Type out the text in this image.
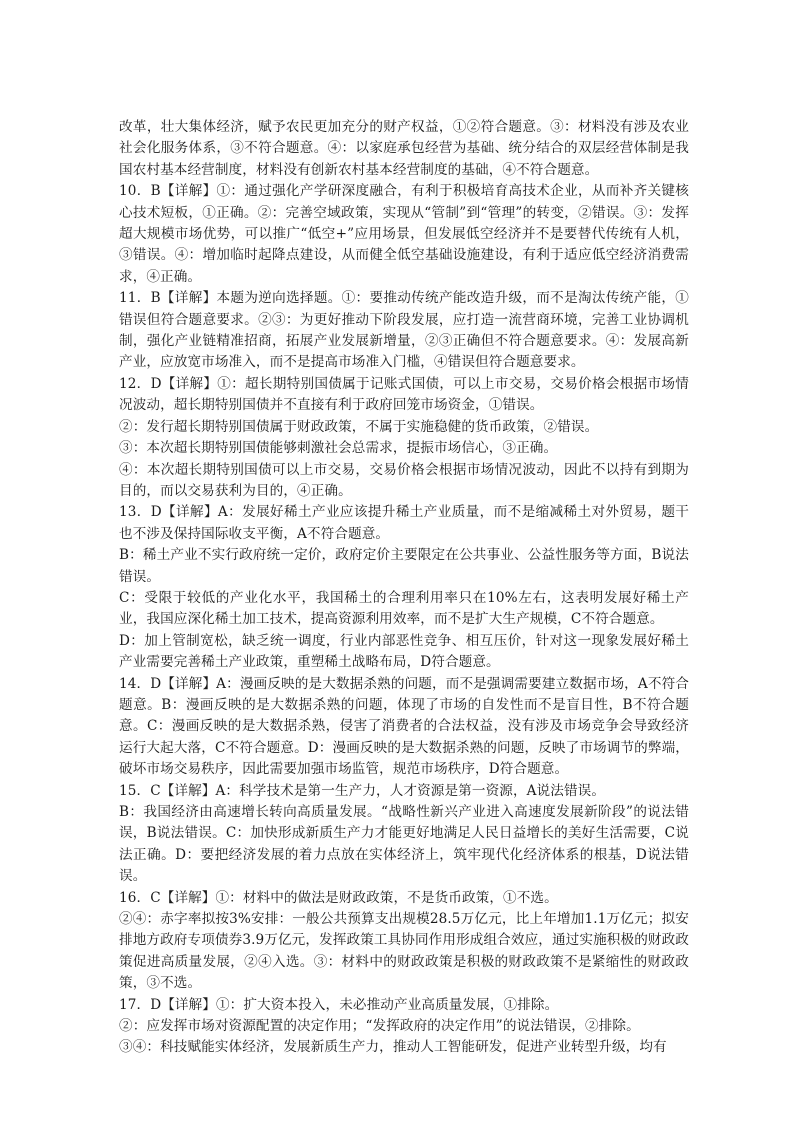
改革，壮大集体经济，赋予农民更加充分的财产权益，①②符合题意。③：材料没有涉及农业社会化服务体系，③不符合题意。④：以家庭承包经营为基础、统分结合的双层经营体制是我国农村基本经营制度，材料没有创新农村基本经营制度的基础，④不符合题意。

10．B【详解】①：通过强化产学研深度融合，有利于积极培育高技术企业，从而补齐关键核心技术短板，①正确。②：完善空域政策，实现从“管制”到“管理”的转变，②错误。③：发挥超大规模市场优势，可以推广“低空+”应用场景，但发展低空经济并不是要替代传统有人机，③错误。④：增加临时起降点建设，从而健全低空基础设施建设，有利于适应低空经济消费需求，④正确。

11．B【详解】本题为逆向选择题。①：要推动传统产能改造升级，而不是淘汰传统产能，①错误但符合题意要求。②③：为更好推动下阶段发展，应打造一流营商环境，完善工业协调机制，强化产业链精准招商，拓展产业发展新增量，②③正确但不符合题意要求。④：发展高新产业，应放宽市场准入，而不是提高市场准入门槛，④错误但符合题意要求。

12．D【详解】①：超长期特别国债属于记账式国债，可以上市交易，交易价格会根据市场情况波动，超长期特别国债并不直接有利于政府回笼市场资金，①错误。

②：发行超长期特别国债属于财政政策，不属于实施稳健的货币政策，②错误。

③：本次超长期特别国债能够刺激社会总需求，提振市场信心，③正确。

④：本次超长期特别国债可以上市交易，交易价格会根据市场情况波动，因此不以持有到期为目的，而以交易获利为目的，④正确。

13．D【详解】A：发展好稀土产业应该提升稀土产业质量，而不是缩减稀土对外贸易，题干也不涉及保持国际收支平衡，A不符合题意。

B：稀土产业不实行政府统一定价，政府定价主要限定在公共事业、公益性服务等方面，B说法错误。

C：受限于较低的产业化水平，我国稀土的合理利用率只在10%左右，这表明发展好稀土产业，我国应深化稀土加工技术，提高资源利用效率，而不是扩大生产规模，C不符合题意。

D：加上管制宽松，缺乏统一调度，行业内部恶性竞争、相互压价，针对这一现象发展好稀土产业需要完善稀土产业政策，重塑稀土战略布局，D符合题意。

14．D【详解】A：漫画反映的是大数据杀熟的问题，而不是强调需要建立数据市场，A不符合题意。B：漫画反映的是大数据杀熟的问题，体现了市场的自发性而不是盲目性，B不符合题意。C：漫画反映的是大数据杀熟，侵害了消费者的合法权益，没有涉及市场竞争会导致经济运行大起大落，C不符合题意。D：漫画反映的是大数据杀熟的问题，反映了市场调节的弊端，破坏市场交易秩序，因此需要加强市场监管，规范市场秩序，D符合题意。

15．C【详解】A：科学技术是第一生产力，人才资源是第一资源，A说法错误。

B：我国经济由高速增长转向高质量发展。“战略性新兴产业进入高速度发展新阶段”的说法错误，B说法错误。C：加快形成新质生产力才能更好地满足人民日益增长的美好生活需要，C说法正确。D：要把经济发展的着力点放在实体经济上，筑牢现代化经济体系的根基，D说法错误。

16．C【详解】①：材料中的做法是财政政策，不是货币政策，①不选。

②④：赤字率拟按3%安排：一般公共预算支出规模28.5万亿元，比上年增加1.1万亿元；拟安排地方政府专项债券3.9万亿元，发挥政策工具协同作用形成组合效应，通过实施积极的财政政策促进高质量发展，②④入选。③：材料中的财政政策是积极的财政政策不是紧缩性的财政政策，③不选。

17．D【详解】①：扩大资本投入，未必推动产业高质量发展，①排除。

②：应发挥市场对资源配置的决定作用；“发挥政府的决定作用”的说法错误，②排除。

③④：科技赋能实体经济，发展新质生产力，推动人工智能研发，促进产业转型升级，均有
